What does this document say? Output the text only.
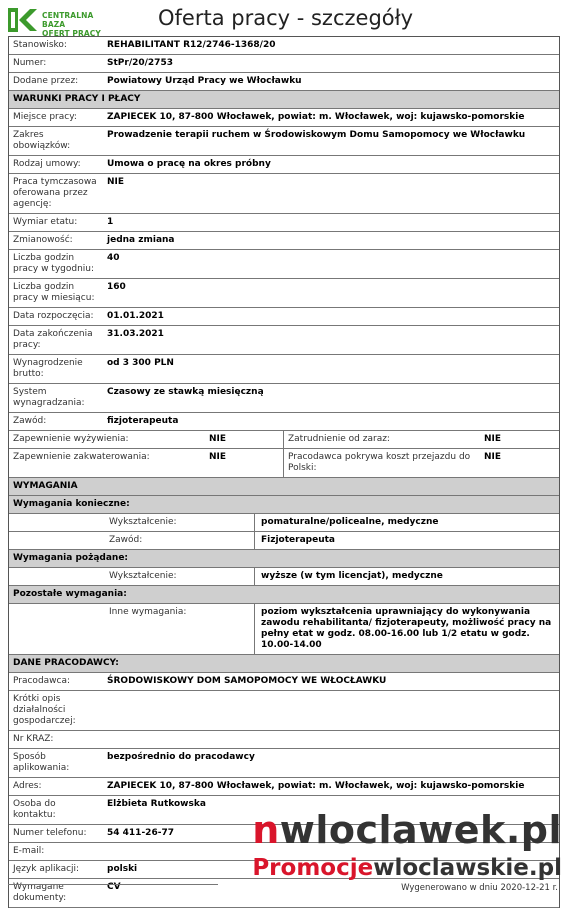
CENTRALNA BAZA
OFERT PRACY
Oferta pracy - szczegóły
Stanowisko:	REHABILITANT R12/2746-1368/20
Numer:	StPr/20/2753
Dodane przez:	Powiatowy Urząd Pracy we Włocławku
WARUNKI PRACY I PŁACY
Miejsce pracy:	ZAPIECEK 10, 87-800 Włocławek, powiat: m. Włocławek, woj: kujawsko-pomorskie
Zakres obowiązków:
Prowadzenie terapii ruchem w Środowiskowym Domu Samopomocy we Włocławku
Rodzaj umowy:	Umowa o pracę na okres próbny
Praca tymczasowa oferowana przez agencję:
NIE
Wymiar etatu:	1
Zmianowość:	jedna zmiana
Liczba godzin pracy w tygodniu:
40
Liczba godzin pracy w miesiącu:
160
Data rozpoczęcia:	01.01.2021
Data zakończenia pracy:
31.03.2021
Wynagrodzenie brutto:
od 3 300 PLN
System wynagradzania:
Czasowy ze stawką miesięczną
Zawód:	fizjoterapeuta
Zapewnienie wyżywienia:	NIE	Zatrudnienie od zaraz:	NIE
Zapewnienie zakwaterowania:	NIE	Pracodawca pokrywa koszt przejazdu do Polski:
NIE
WYMAGANIA
Wymagania konieczne:
Wykształcenie:	pomaturalne/policealne, medyczne
Zawód:	Fizjoterapeuta
Wymagania pożądane:
Wykształcenie:	wyższe (w tym licencjat), medyczne
Pozostałe wymagania:
Inne wymagania:	poziom wykształcenia uprawniający do wykonywania zawodu rehabilitanta/ fizjoterapeuty, możliwość pracy na pełny etat w godz. 08.00-16.00 lub 1/2 etatu w godz. 10.00-14.00
DANE PRACODAWCY:
Pracodawca:	ŚRODOWISKOWY DOM SAMOPOMOCY WE WŁOCŁAWKU
Krótki opis działalności gospodarczej:
Nr KRAZ:
Sposób aplikowania:
bezpośrednio do pracodawcy
Adres:	ZAPIECEK 10, 87-800 Włocławek, powiat: m. Włocławek, woj: kujawsko-pomorskie
Osoba do kontaktu:
Elżbieta Rutkowska
Numer telefonu:	54 411-26-77
E-mail:
Język aplikacji:	polski
Wymagane dokumenty:
CV
nwloclawek.pl
Promocjewloclawskie.pl
Wygenerowano w dniu 2020-12-21 r.
